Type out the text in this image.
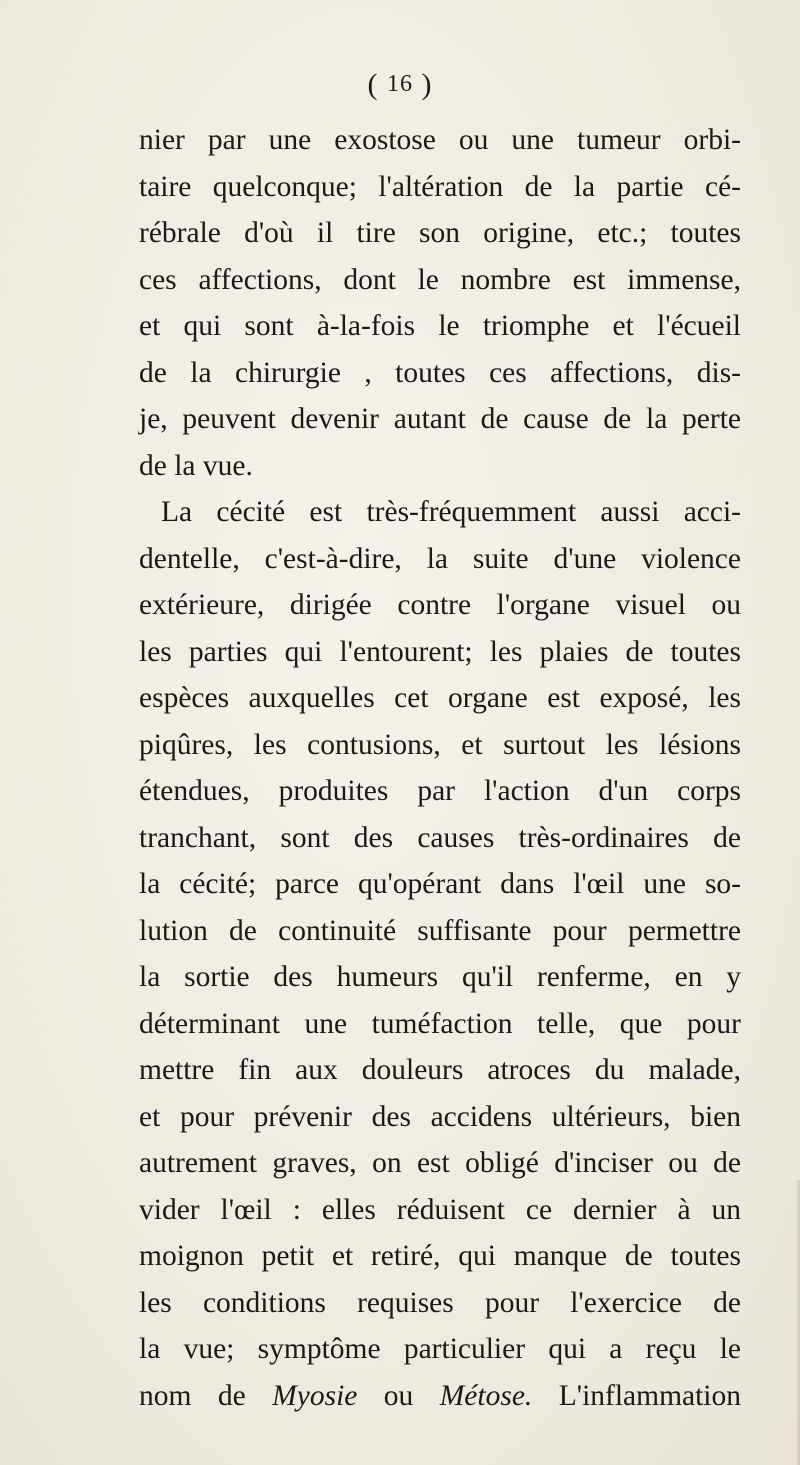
( 16 )
nier par une exostose ou une tumeur orbi-
taire quelconque; l'altération de la partie cé-
rébrale d'où il tire son origine, etc.; toutes
ces affections, dont le nombre est immense,
et qui sont à-la-fois le triomphe et l'écueil
de la chirurgie , toutes ces affections, dis-
je, peuvent devenir autant de cause de la perte
de la vue.
La cécité est très-fréquemment aussi acci-
dentelle, c'est-à-dire, la suite d'une violence
extérieure, dirigée contre l'organe visuel ou
les parties qui l'entourent; les plaies de toutes
espèces auxquelles cet organe est exposé, les
piqûres, les contusions, et surtout les lésions
étendues, produites par l'action d'un corps
tranchant, sont des causes très-ordinaires de
la cécité; parce qu'opérant dans l'œil une so-
lution de continuité suffisante pour permettre
la sortie des humeurs qu'il renferme, en y
déterminant une tuméfaction telle, que pour
mettre fin aux douleurs atroces du malade,
et pour prévenir des accidens ultérieurs, bien
autrement graves, on est obligé d'inciser ou de
vider l'œil : elles réduisent ce dernier à un
moignon petit et retiré, qui manque de toutes
les conditions requises pour l'exercice de
la vue; symptôme particulier qui a reçu le
nom de Myosie ou Métose. L'inflammation
